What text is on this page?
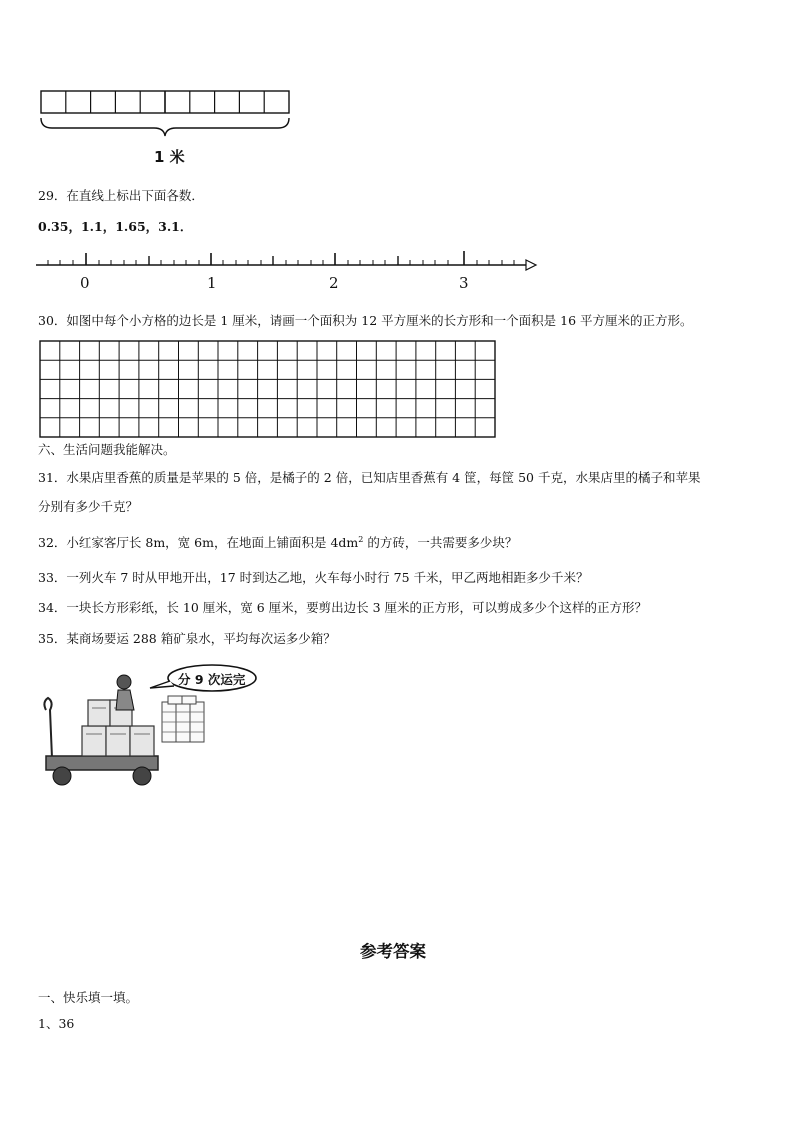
1 米
29．在直线上标出下面各数．
0.35，1.1，1.65，3.1．
0	1	2	3
30．如图中每个小方格的边长是 1 厘米，请画一个面积为 12 平方厘米的长方形和一个面积是 16 平方厘米的正方形。
六、生活问题我能解决。
31．水果店里香蕉的质量是苹果的 5 倍，是橘子的 2 倍，已知店里香蕉有 4 筐，每筐 50 千克，水果店里的橘子和苹果
分别有多少千克？
32．小红家客厅长 8m，宽 6m，在地面上铺面积是 $4dm^2$ 的方砖，一共需要多少块？
33．一列火车 7 时从甲地开出，17 时到达乙地，火车每小时行 75 千米，甲乙两地相距多少千米？
34．一块长方形彩纸，长 10 厘米，宽 6 厘米，要剪出边长 3 厘米的正方形，可以剪成多少个这样的正方形？
35．某商场要运 288 箱矿泉水，平均每次运多少箱？
分 9 次运完
参考答案
一、快乐填一填。
1、36
